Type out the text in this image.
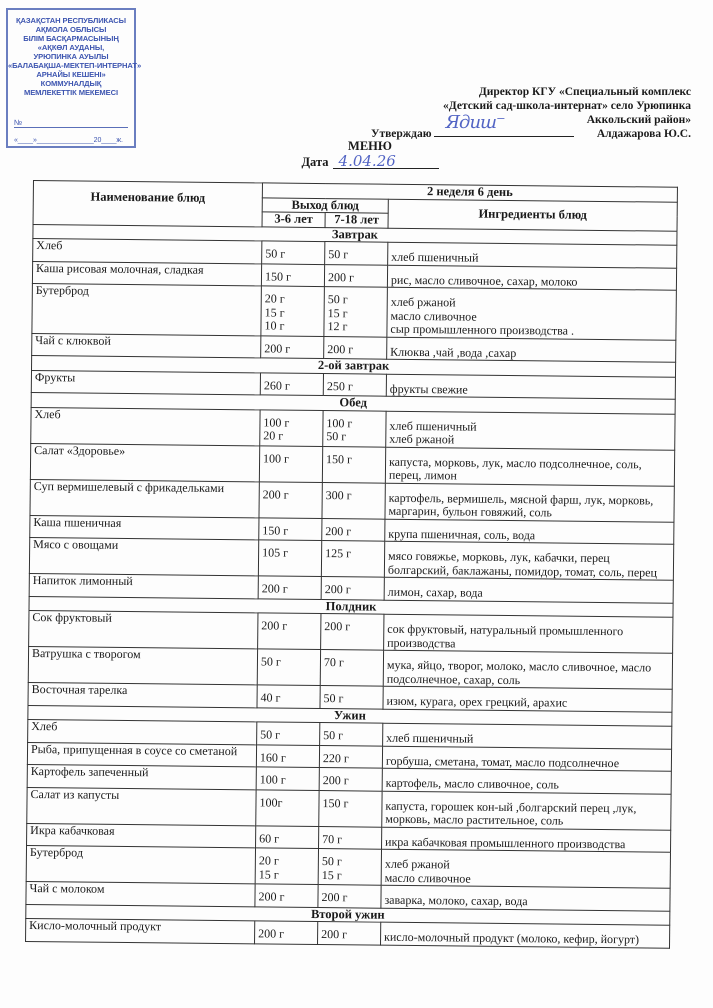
ҚАЗАҚСТАН РЕСПУБЛИКАСЫ
АҚМОЛА ОБЛЫСЫ
БІЛІМ БАСҚАРМАСЫНЫҢ
«АҚКӨЛ АУДАНЫ,
УРЮПИНКА АУЫЛЫ
«БАЛАБАҚША-МЕКТЕП-ИНТЕРНАТ»
АРНАЙЫ КЕШЕНІ»
КОММУНАЛДЫҚ
МЕМЛЕКЕТТІК МЕКЕМЕСІ
№
«____»_______________20____ж.
Директор КГУ «Специальный комплекс
«Детский сад-школа-интернат» село Урюпинка
Утверждаю
Ядиш⁻	Аккольский район»
Алдажарова Ю.С.
МЕНЮ
Дата 4.04.26
Наименование блюд	2 неделя 6 день		
	Выход блюд		Ингредиенты блюд
	3-6 лет	7-18 лет	
Завтрак			
Хлеб	50 г	50 г	хлеб пшеничный

Каша рисовая молочная, сладкая	150 г	200 г	рис, масло сливочное, сахар, молоко

Бутерброд	20 г
15 г
10 г	50 г
15 г
12 г	хлеб ржаной
масло сливочное
сыр промышленного производства .

Чай с клюквой	200 г	200 г	Клюква ,чай ,вода ,сахар

2-ой завтрак			
Фрукты	260 г	250 г	фрукты свежие

Обед			
Хлеб	100 г
20 г	100 г
50 г	хлеб пшеничный
хлеб ржаной

Салат «Здоровье»	100 г	150 г	капуста, морковь, лук, масло подсолнечное, соль, перец, лимон

Суп вермишелевый с фрикадельками	200 г	300 г	картофель, вермишель, мясной фарш, лук, морковь, маргарин, бульон говяжий, соль

Каша пшеничная	150 г	200 г	крупа пшеничная, соль, вода

Мясо с овощами	105 г	125 г	мясо говяжье, морковь, лук, кабачки, перец болгарский, баклажаны, помидор, томат, соль, перец

Напиток лимонный	200 г	200 г	лимон, сахар, вода

Полдник			
Сок фруктовый	200 г	200 г	сок фруктовый, натуральный промышленного производства

Ватрушка с творогом	50 г	70 г	мука, яйцо, творог, молоко, масло сливочное, масло подсолнечное, сахар, соль

Восточная тарелка	40 г	50 г	изюм, курага, орех грецкий, арахис

Ужин			
Хлеб	50 г	50 г	хлеб пшеничный

Рыба, припущенная в соусе со сметаной	160 г	220 г	горбуша, сметана, томат, масло подсолнечное

Картофель запеченный	100 г	200 г	картофель, масло сливочное, соль

Салат из капусты	100г	150 г	капуста, горошек кон-ый ,болгарский перец ,лук, морковь, масло растительное, соль

Икра кабачковая	60 г	70 г	икра кабачковая промышленного производства

Бутерброд	20 г
15 г	50 г
15 г	хлеб ржаной
масло сливочное

Чай с молоком	200 г	200 г	заварка, молоко, сахар, вода

Второй ужин			
Кисло-молочный продукт	200 г	200 г	кисло-молочный продукт (молоко, кефир, йогурт)
